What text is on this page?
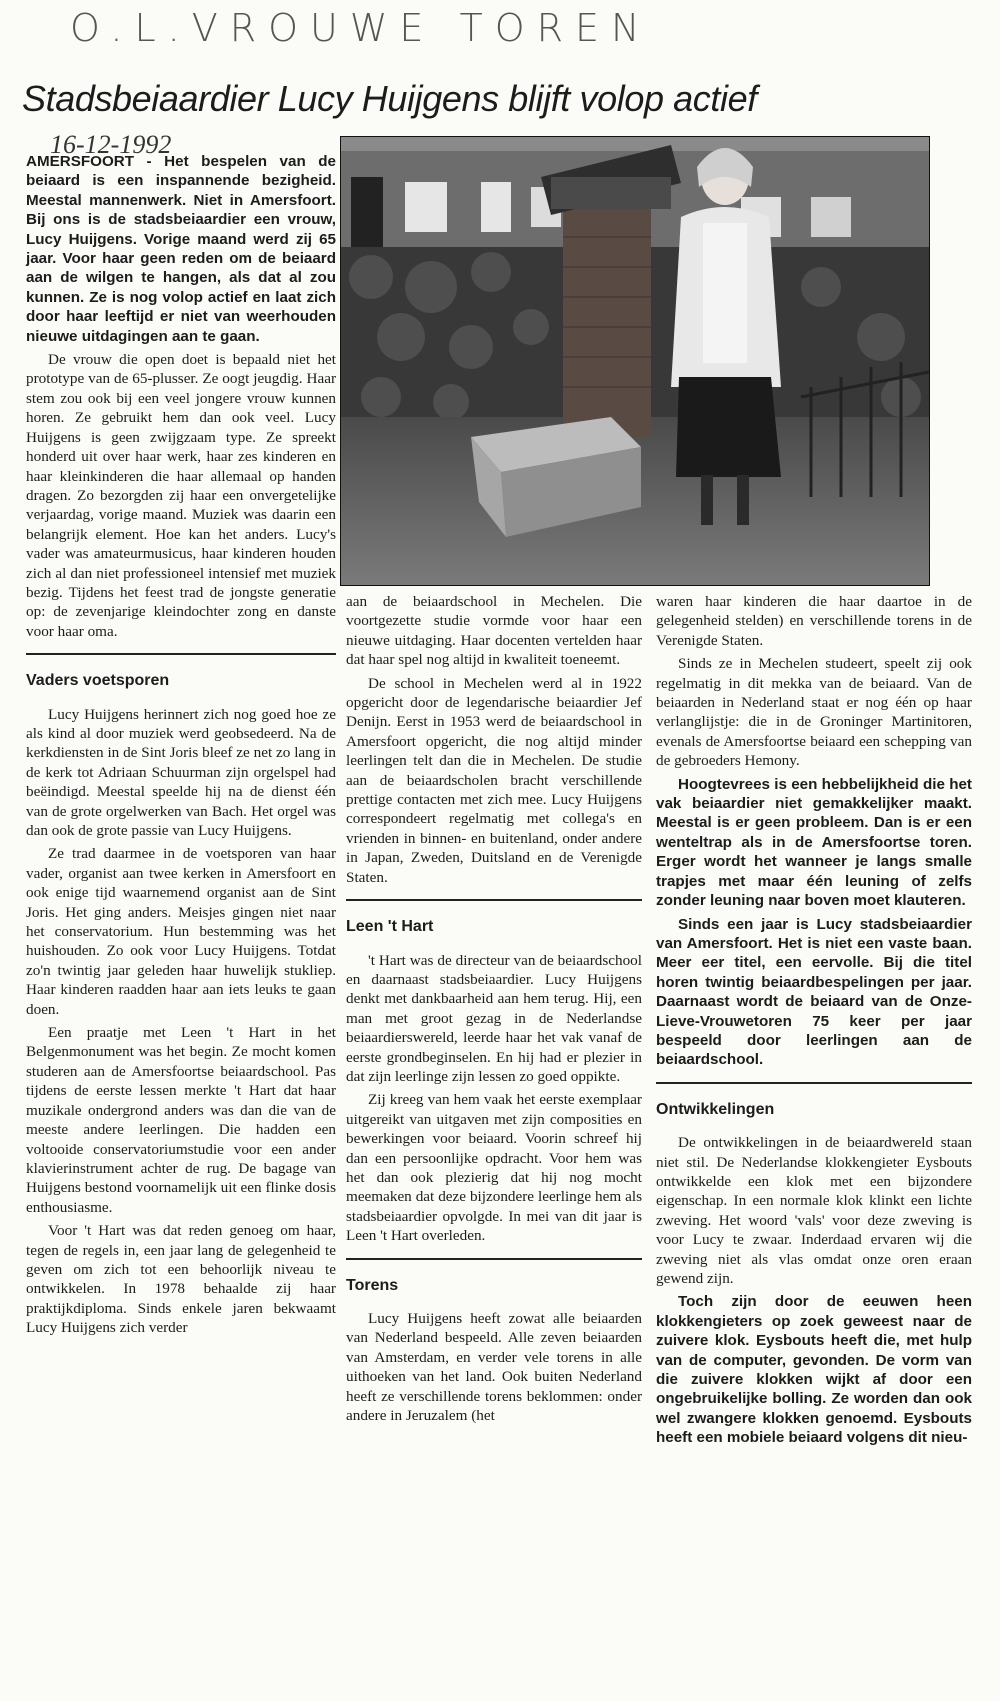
O.L.VROUWE TOREN
Stadsbeiaardier Lucy Huijgens blijft volop actief
16-12-1992

AMERSFOORT - Het bespelen van de beiaard is een inspannende bezigheid. Meestal mannenwerk. Niet in Amersfoort. Bij ons is de stadsbeiaardier een vrouw, Lucy Huijgens. Vorige maand werd zij 65 jaar. Voor haar geen reden om de beiaard aan de wilgen te hangen, als dat al zou kunnen. Ze is nog volop actief en laat zich door haar leeftijd er niet van weerhouden nieuwe uitdagingen aan te gaan.

De vrouw die open doet is bepaald niet het prototype van de 65-plusser. Ze oogt jeugdig. Haar stem zou ook bij een veel jongere vrouw kunnen horen. Ze gebruikt hem dan ook veel. Lucy Huijgens is geen zwijgzaam type. Ze spreekt honderd uit over haar werk, haar zes kinderen en haar kleinkinderen die haar allemaal op handen dragen. Zo bezorgden zij haar een onvergetelijke verjaardag, vorige maand. Muziek was daarin een belangrijk element. Hoe kan het anders. Lucy's vader was amateurmusicus, haar kinderen houden zich al dan niet professioneel intensief met muziek bezig. Tijdens het feest trad de jongste generatie op: de zevenjarige kleindochter zong en danste voor haar oma.

Vaders voetsporen

Lucy Huijgens herinnert zich nog goed hoe ze als kind al door muziek werd geobsedeerd. Na de kerkdiensten in de Sint Joris bleef ze net zo lang in de kerk tot Adriaan Schuurman zijn orgelspel had beëindigd. Meestal speelde hij na de dienst één van de grote orgelwerken van Bach. Het orgel was dan ook de grote passie van Lucy Huijgens.

Ze trad daarmee in de voetsporen van haar vader, organist aan twee kerken in Amersfoort en ook enige tijd waarnemend organist aan de Sint Joris. Het ging anders. Meisjes gingen niet naar het conservatorium. Hun bestemming was het huishouden. Zo ook voor Lucy Huijgens. Totdat zo'n twintig jaar geleden haar huwelijk stukliep. Haar kinderen raadden haar aan iets leuks te gaan doen.

Een praatje met Leen 't Hart in het Belgenmonument was het begin. Ze mocht komen studeren aan de Amersfoortse beiaardschool. Pas tijdens de eerste lessen merkte 't Hart dat haar muzikale ondergrond anders was dan die van de meeste andere leerlingen. Die hadden een voltooide conservatoriumstudie voor een ander klavierinstrument achter de rug. De bagage van Huijgens bestond voornamelijk uit een flinke dosis enthousiasme.

Voor 't Hart was dat reden genoeg om haar, tegen de regels in, een jaar lang de gelegenheid te geven om zich tot een behoorlijk niveau te ontwikkelen. In 1978 behaalde zij haar praktijkdiploma. Sinds enkele jaren bekwaamt Lucy Huijgens zich verder

aan de beiaardschool in Mechelen. Die voortgezette studie vormde voor haar een nieuwe uitdaging. Haar docenten vertelden haar dat haar spel nog altijd in kwaliteit toeneemt.

De school in Mechelen werd al in 1922 opgericht door de legendarische beiaardier Jef Denijn. Eerst in 1953 werd de beiaardschool in Amersfoort opgericht, die nog altijd minder leerlingen telt dan die in Mechelen. De studie aan de beiaardscholen bracht verschillende prettige contacten met zich mee. Lucy Huijgens correspondeert regelmatig met collega's en vrienden in binnen- en buitenland, onder andere in Japan, Zweden, Duitsland en de Verenigde Staten.

Leen 't Hart

't Hart was de directeur van de beiaardschool en daarnaast stadsbeiaardier. Lucy Huijgens denkt met dankbaarheid aan hem terug. Hij, een man met groot gezag in de Nederlandse beiaardierswereld, leerde haar het vak vanaf de eerste grondbeginselen. En hij had er plezier in dat zijn leerlinge zijn lessen zo goed oppikte.

Zij kreeg van hem vaak het eerste exemplaar uitgereikt van uitgaven met zijn composities en bewerkingen voor beiaard. Voorin schreef hij dan een persoonlijke opdracht. Voor hem was het dan ook plezierig dat hij nog mocht meemaken dat deze bijzondere leerlinge hem als stadsbeiaardier opvolgde. In mei van dit jaar is Leen 't Hart overleden.

Torens

Lucy Huijgens heeft zowat alle beiaarden van Nederland bespeeld. Alle zeven beiaarden van Amsterdam, en verder vele torens in alle uithoeken van het land. Ook buiten Nederland heeft ze verschillende torens beklommen: onder andere in Jeruzalem (het

waren haar kinderen die haar daartoe in de gelegenheid stelden) en verschillende torens in de Verenigde Staten.

Sinds ze in Mechelen studeert, speelt zij ook regelmatig in dit mekka van de beiaard. Van de beiaarden in Nederland staat er nog één op haar verlanglijstje: die in de Groninger Martinitoren, evenals de Amersfoortse beiaard een schepping van de gebroeders Hemony.

Hoogtevrees is een hebbelijkheid die het vak beiaardier niet gemakkelijker maakt. Meestal is er geen probleem. Dan is er een wenteltrap als in de Amersfoortse toren. Erger wordt het wanneer je langs smalle trapjes met maar één leuning of zelfs zonder leuning naar boven moet klauteren.

Sinds een jaar is Lucy stadsbeiaardier van Amersfoort. Het is niet een vaste baan. Meer eer titel, een eervolle. Bij die titel horen twintig beiaardbespelingen per jaar. Daarnaast wordt de beiaard van de Onze-Lieve-Vrouwetoren 75 keer per jaar bespeeld door leerlingen aan de beiaardschool.

Ontwikkelingen

De ontwikkelingen in de beiaardwereld staan niet stil. De Nederlandse klokkengieter Eysbouts ontwikkelde een klok met een bijzondere eigenschap. In een normale klok klinkt een lichte zweving. Het woord 'vals' voor deze zweving is voor Lucy te zwaar. Inderdaad ervaren wij die zweving niet als vlas omdat onze oren eraan gewend zijn.

Toch zijn door de eeuwen heen klokkengieters op zoek geweest naar de zuivere klok. Eysbouts heeft die, met hulp van de computer, gevonden. De vorm van die zuivere klokken wijkt af door een ongebruikelijke bolling. Ze worden dan ook wel zwangere klokken genoemd. Eysbouts heeft een mobiele beiaard volgens dit nieu-
